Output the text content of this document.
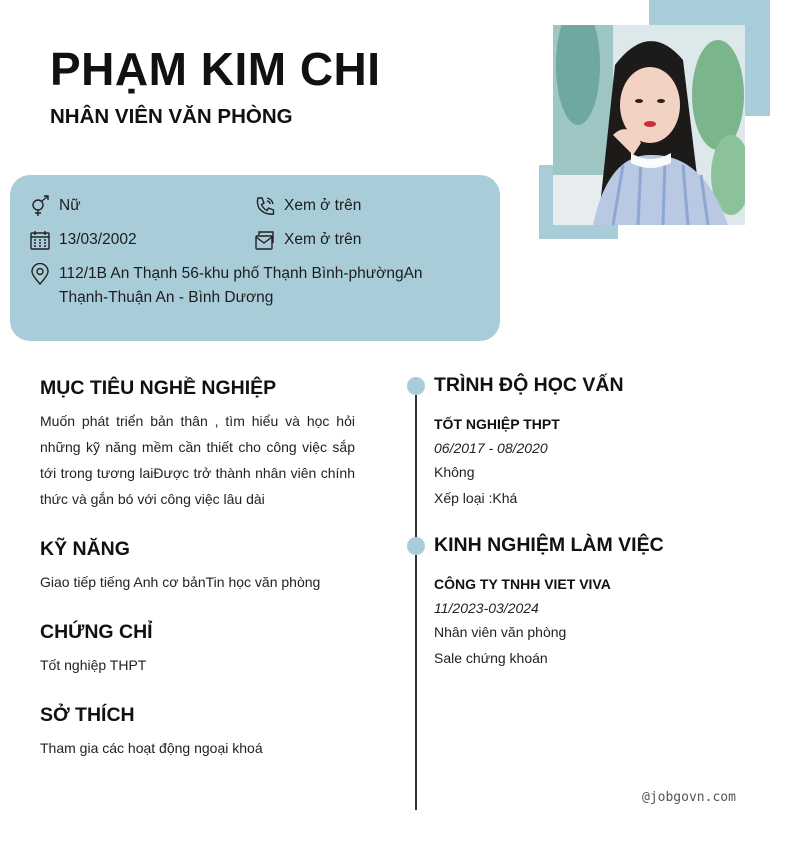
PHẠM KIM CHI
NHÂN VIÊN VĂN PHÒNG
Nữ	Xem ở trên
13/03/2002	Xem ở trên
112/1B An Thạnh 56-khu phố Thạnh Bình-phườngAn
Thạnh-Thuận An - Bình Dương
MỤC TIÊU NGHỀ NGHIỆP
Muốn phát triển bản thân , tìm hiểu và học hỏi
những kỹ năng mềm cần thiết cho công việc sắp
tới trong tương laiĐược trở thành nhân viên chính
thức và gắn bó với công việc lâu dài
KỸ NĂNG
Giao tiếp tiếng Anh cơ bảnTin học văn phòng
CHỨNG CHỈ
Tốt nghiệp THPT
SỞ THÍCH
Tham gia các hoạt động ngoại khoá
TRÌNH ĐỘ HỌC VẤN
TỐT NGHIỆP THPT
06/2017 - 08/2020
Không
Xếp loại :Khá
KINH NGHIỆM LÀM VIỆC
CÔNG TY TNHH VIET VIVA
11/2023-03/2024
Nhân viên văn phòng
Sale chứng khoán
@jobgovn.com
